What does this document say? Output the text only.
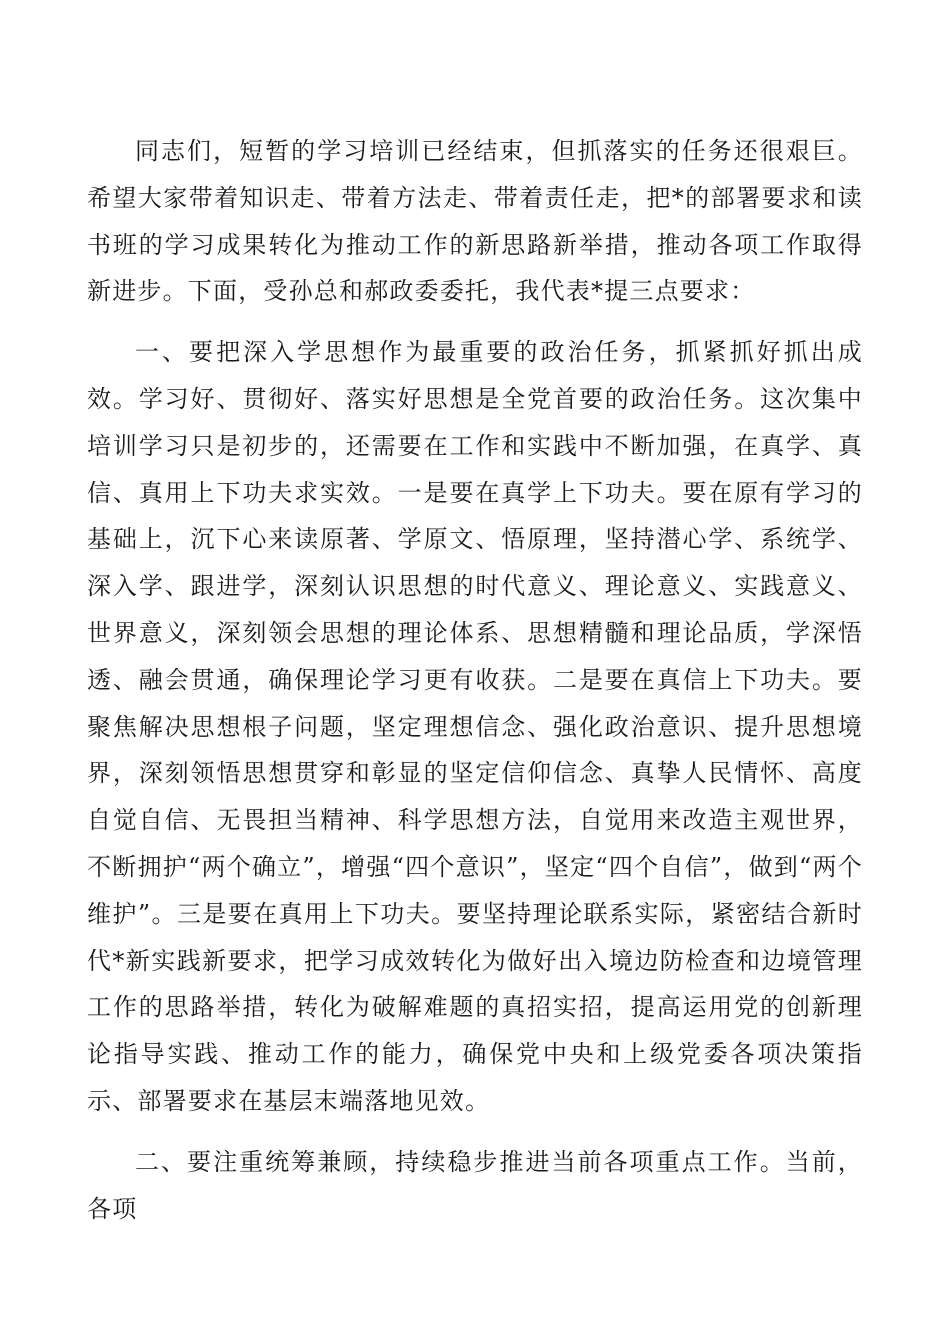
同志们，短暂的学习培训已经结束，但抓落实的任务还很艰巨。希望大家带着知识走、带着方法走、带着责任走，把*的部署要求和读书班的学习成果转化为推动工作的新思路新举措，推动各项工作取得新进步。下面，受孙总和郝政委委托，我代表*提三点要求：

一、要把深入学思想作为最重要的政治任务，抓紧抓好抓出成效。学习好、贯彻好、落实好思想是全党首要的政治任务。这次集中培训学习只是初步的，还需要在工作和实践中不断加强，在真学、真信、真用上下功夫求实效。一是要在真学上下功夫。要在原有学习的基础上，沉下心来读原著、学原文、悟原理，坚持潜心学、系统学、深入学、跟进学，深刻认识思想的时代意义、理论意义、实践意义、世界意义，深刻领会思想的理论体系、思想精髓和理论品质，学深悟透、融会贯通，确保理论学习更有收获。二是要在真信上下功夫。要聚焦解决思想根子问题，坚定理想信念、强化政治意识、提升思想境界，深刻领悟思想贯穿和彰显的坚定信仰信念、真挚人民情怀、高度自觉自信、无畏担当精神、科学思想方法，自觉用来改造主观世界，不断拥护“两个确立”，增强“四个意识”，坚定“四个自信”，做到“两个维护”。三是要在真用上下功夫。要坚持理论联系实际，紧密结合新时代*新实践新要求，把学习成效转化为做好出入境边防检查和边境管理工作的思路举措，转化为破解难题的真招实招，提高运用党的创新理论指导实践、推动工作的能力，确保党中央和上级党委各项决策指示、部署要求在基层末端落地见效。

二、要注重统筹兼顾，持续稳步推进当前各项重点工作。当前，各项
